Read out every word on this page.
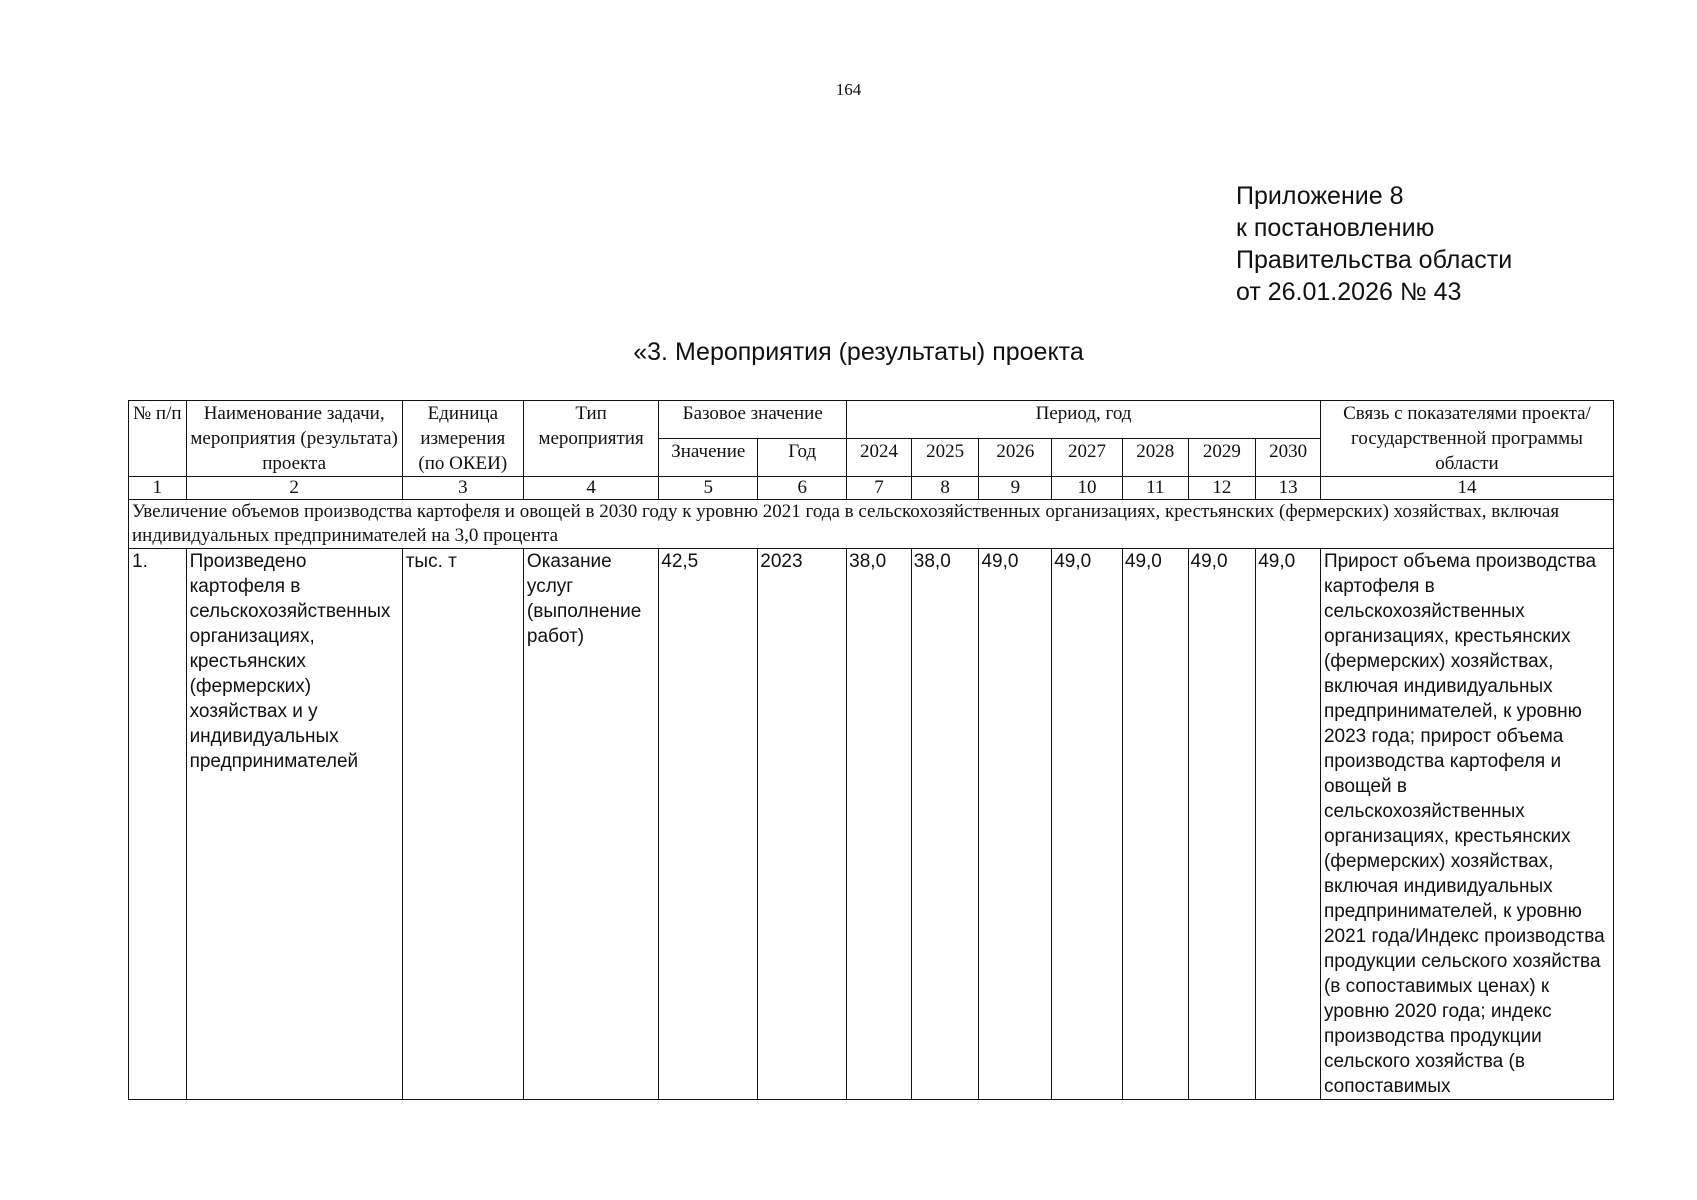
164
Приложение 8
к постановлению
Правительства области
от 26.01.2026 № 43
«3. Мероприятия (результаты) проекта
№ п/п	Наименование задачи, мероприятия (результата) проекта	Единица измерения (по ОКЕИ)	Тип мероприятия	Базовое значение		Период, год							Связь с показателями проекта/государственной программы области
				Значение	Год	2024	2025	2026	2027	2028	2029	2030	
1	2	3	4	5	6	7	8	9	10	11	12	13	14
Увеличение объемов производства картофеля и овощей в 2030 году к уровню 2021 года в сельскохозяйственных организациях, крестьянских (фермерских) хозяйствах, включая индивидуальных предпринимателей на 3,0 процента													
1.	Произведено картофеля в сельскохозяйственных организациях, крестьянских (фермерских) хозяйствах и у индивидуальных предпринимателей	тыс. т	Оказание услуг (выполнение работ)	42,5	2023	38,0	38,0	49,0	49,0	49,0	49,0	49,0	Прирост объема производства картофеля в сельскохозяйственных организациях, крестьянских (фермерских) хозяйствах, включая индивидуальных предпринимателей, к уровню 2023 года; прирост объема производства картофеля и овощей в сельскохозяйственных организациях, крестьянских (фермерских) хозяйствах, включая индивидуальных предпринимателей, к уровню 2021 года/Индекс производства продукции сельского хозяйства (в сопоставимых ценах) к уровню 2020 года; индекс производства продукции сельского хозяйства (в сопоставимых
